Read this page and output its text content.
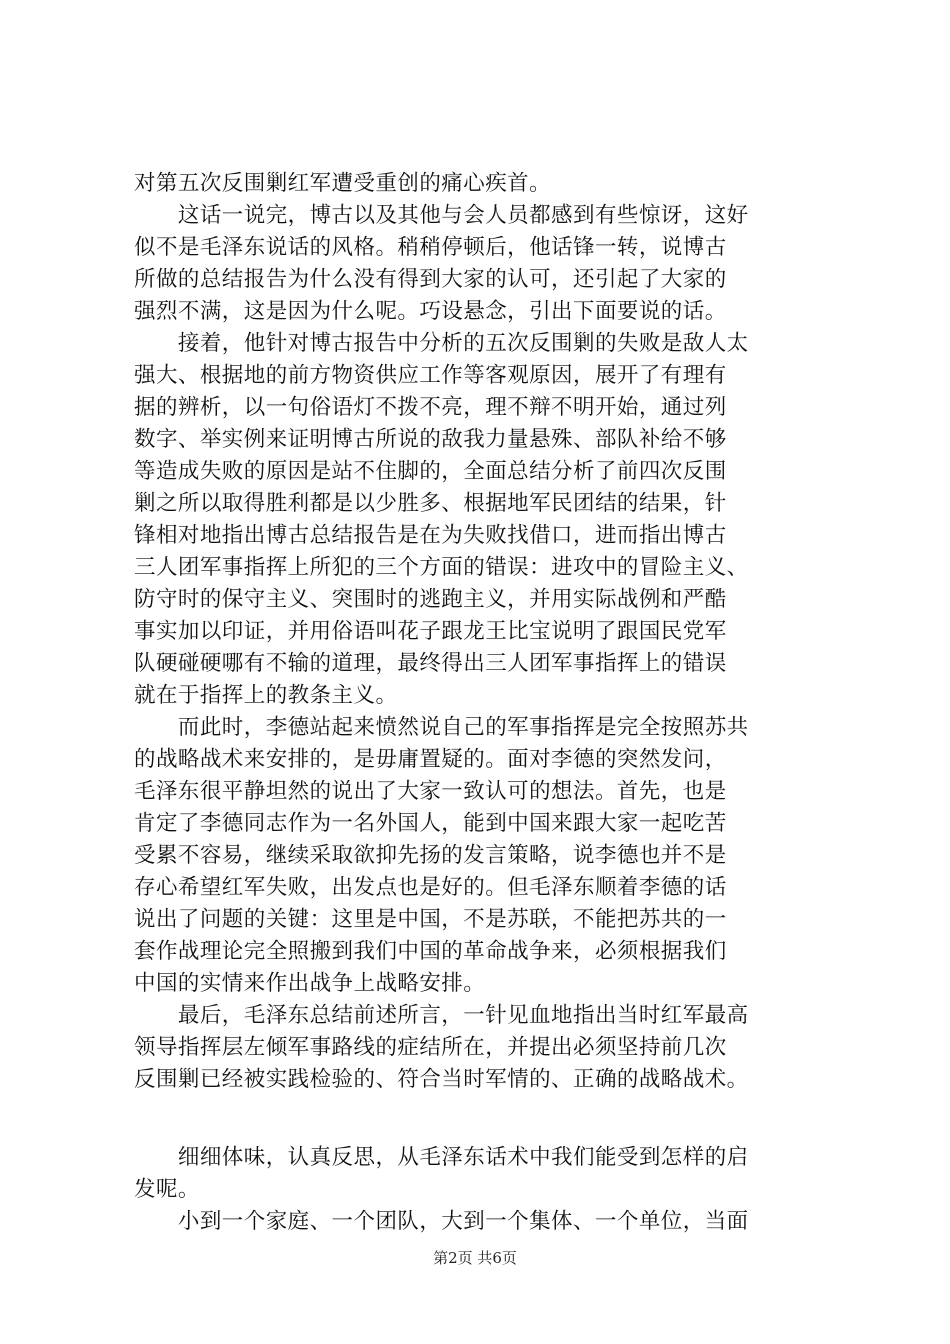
对第五次反围剿红军遭受重创的痛心疾首。
　　这话一说完，博古以及其他与会人员都感到有些惊讶，这好
似不是毛泽东说话的风格。稍稍停顿后，他话锋一转，说博古
所做的总结报告为什么没有得到大家的认可，还引起了大家的
强烈不满，这是因为什么呢。巧设悬念，引出下面要说的话。
　　接着，他针对博古报告中分析的五次反围剿的失败是敌人太
强大、根据地的前方物资供应工作等客观原因，展开了有理有
据的辨析，以一句俗语灯不拨不亮，理不辩不明开始，通过列
数字、举实例来证明博古所说的敌我力量悬殊、部队补给不够
等造成失败的原因是站不住脚的，全面总结分析了前四次反围
剿之所以取得胜利都是以少胜多、根据地军民团结的结果，针
锋相对地指出博古总结报告是在为失败找借口，进而指出博古
三人团军事指挥上所犯的三个方面的错误：进攻中的冒险主义、
防守时的保守主义、突围时的逃跑主义，并用实际战例和严酷
事实加以印证，并用俗语叫花子跟龙王比宝说明了跟国民党军
队硬碰硬哪有不输的道理，最终得出三人团军事指挥上的错误
就在于指挥上的教条主义。
　　而此时，李德站起来愤然说自己的军事指挥是完全按照苏共
的战略战术来安排的，是毋庸置疑的。面对李德的突然发问，
毛泽东很平静坦然的说出了大家一致认可的想法。首先，也是
肯定了李德同志作为一名外国人，能到中国来跟大家一起吃苦
受累不容易，继续采取欲抑先扬的发言策略，说李德也并不是
存心希望红军失败，出发点也是好的。但毛泽东顺着李德的话
说出了问题的关键：这里是中国，不是苏联，不能把苏共的一
套作战理论完全照搬到我们中国的革命战争来，必须根据我们
中国的实情来作出战争上战略安排。
　　最后，毛泽东总结前述所言，一针见血地指出当时红军最高
领导指挥层左倾军事路线的症结所在，并提出必须坚持前几次
反围剿已经被实践检验的、符合当时军情的、正确的战略战术。
　　细细体味，认真反思，从毛泽东话术中我们能受到怎样的启
发呢。
　　小到一个家庭、一个团队，大到一个集体、一个单位，当面
第2页 共6页
